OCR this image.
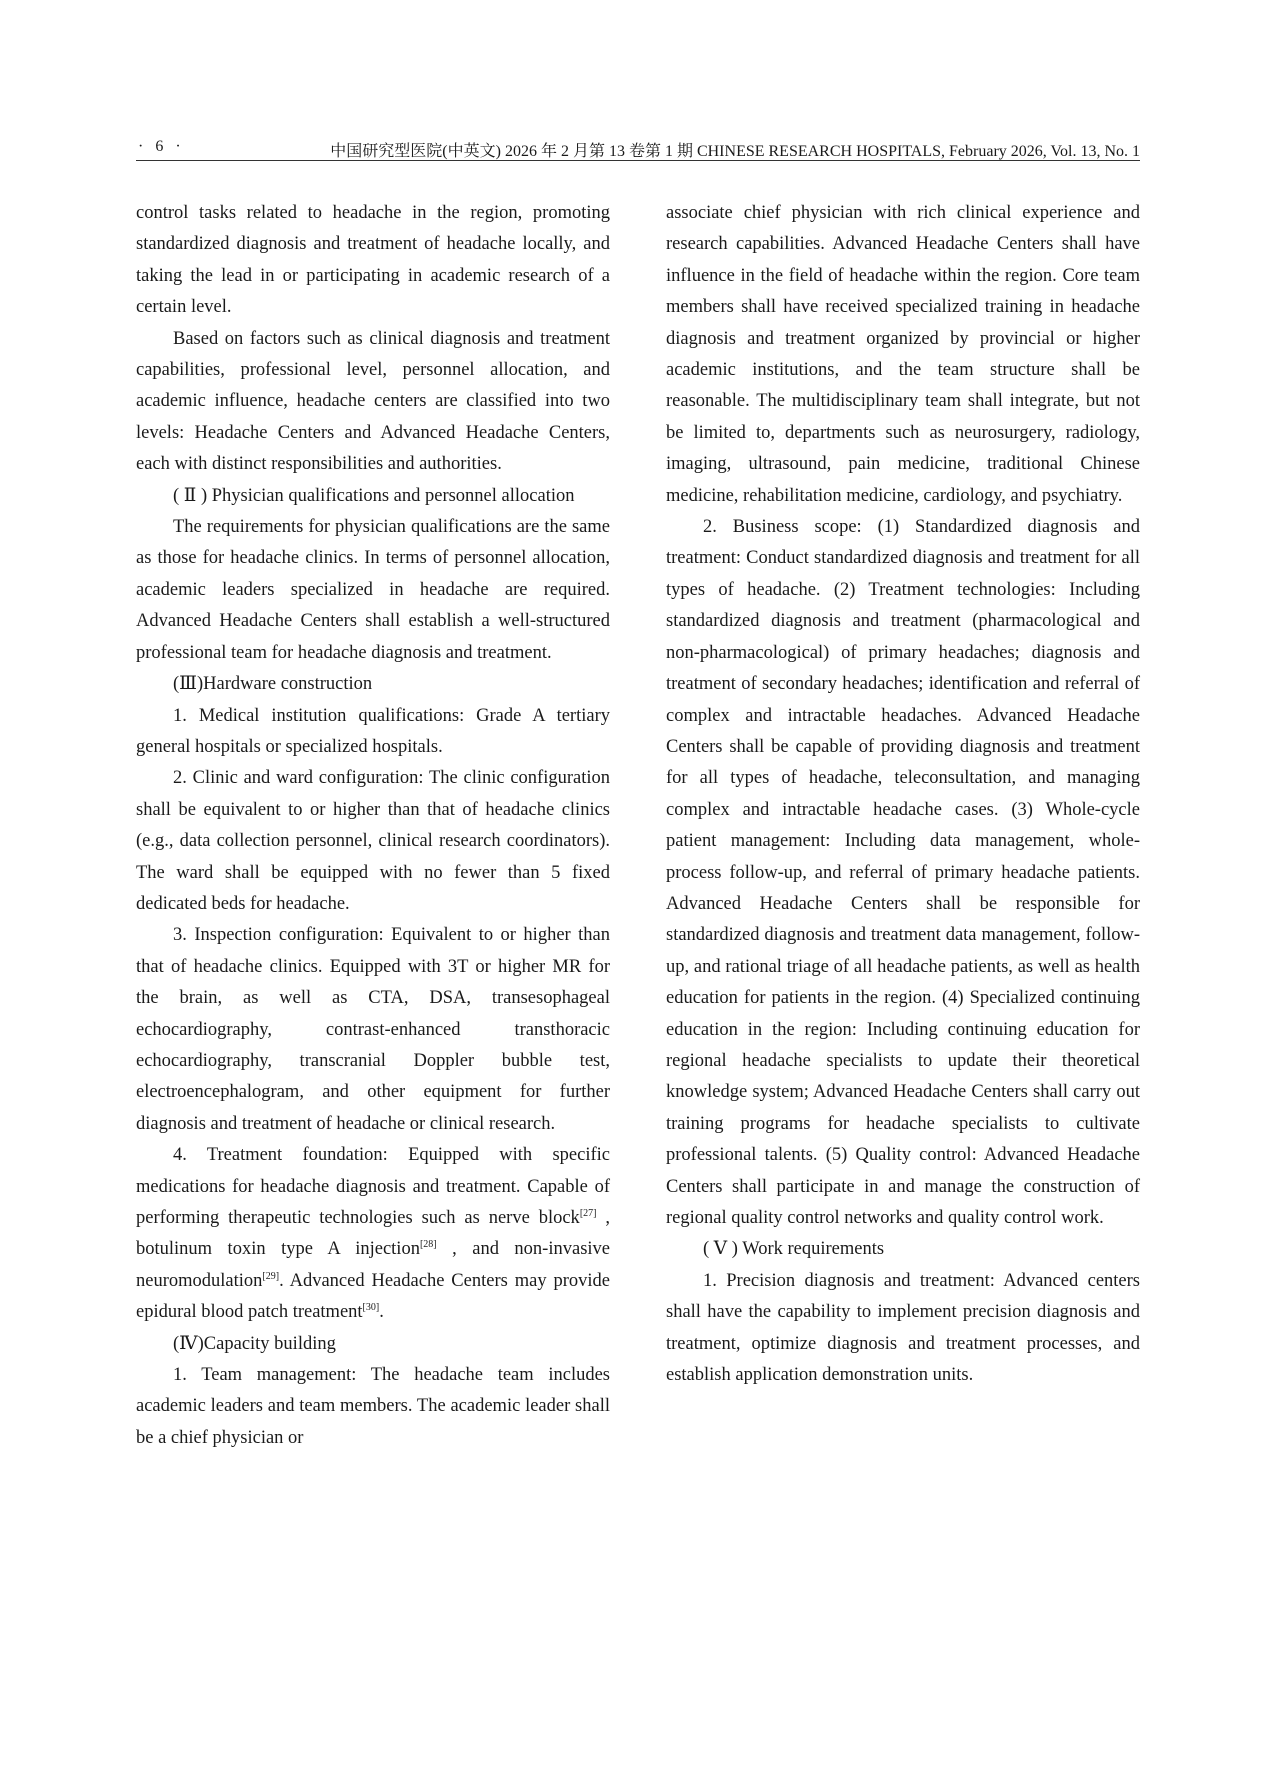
· 6 ·	中国研究型医院(中英文) 2026 年 2 月第 13 卷第 1 期 CHINESE RESEARCH HOSPITALS, February 2026, Vol. 13, No. 1

control tasks related to headache in the region, promoting standardized diagnosis and treatment of headache locally, and taking the lead in or participating in academic research of a certain level.

Based on factors such as clinical diagnosis and treatment capabilities, professional level, personnel allocation, and academic influence, headache centers are classified into two levels: Headache Centers and Advanced Headache Centers, each with distinct responsibilities and authorities.

( Ⅱ ) Physician qualifications and personnel allocation

The requirements for physician qualifications are the same as those for headache clinics. In terms of personnel allocation, academic leaders specialized in headache are required. Advanced Headache Centers shall establish a well-structured professional team for headache diagnosis and treatment.

(Ⅲ)Hardware construction

1. Medical institution qualifications: Grade A tertiary general hospitals or specialized hospitals.

2. Clinic and ward configuration: The clinic configuration shall be equivalent to or higher than that of headache clinics (e.g., data collection personnel, clinical research coordinators). The ward shall be equipped with no fewer than 5 fixed dedicated beds for headache.

3. Inspection configuration: Equivalent to or higher than that of headache clinics. Equipped with 3T or higher MR for the brain, as well as CTA, DSA, transesophageal echocardiography, contrast-enhanced transthoracic echocardiography, transcranial Doppler bubble test, electroencephalogram, and other equipment for further diagnosis and treatment of headache or clinical research.

4. Treatment foundation: Equipped with specific medications for headache diagnosis and treatment. Capable of performing therapeutic technologies such as nerve block[27] , botulinum toxin type A injection[28] , and non-invasive neuromodulation[29]. Advanced Headache Centers may provide epidural blood patch treatment[30].

(Ⅳ)Capacity building

1. Team management: The headache team includes academic leaders and team members. The academic leader shall be a chief physician or

associate chief physician with rich clinical experience and research capabilities. Advanced Headache Centers shall have influence in the field of headache within the region. Core team members shall have received specialized training in headache diagnosis and treatment organized by provincial or higher academic institutions, and the team structure shall be reasonable. The multidisciplinary team shall integrate, but not be limited to, departments such as neurosurgery, radiology, imaging, ultrasound, pain medicine, traditional Chinese medicine, rehabilitation medicine, cardiology, and psychiatry.

2. Business scope: (1) Standardized diagnosis and treatment: Conduct standardized diagnosis and treatment for all types of headache. (2) Treatment technologies: Including standardized diagnosis and treatment (pharmacological and non-pharmacological) of primary headaches; diagnosis and treatment of secondary headaches; identification and referral of complex and intractable headaches. Advanced Headache Centers shall be capable of providing diagnosis and treatment for all types of headache, teleconsultation, and managing complex and intractable headache cases. (3) Whole-cycle patient management: Including data management, whole-process follow-up, and referral of primary headache patients. Advanced Headache Centers shall be responsible for standardized diagnosis and treatment data management, follow-up, and rational triage of all headache patients, as well as health education for patients in the region. (4) Specialized continuing education in the region: Including continuing education for regional headache specialists to update their theoretical knowledge system; Advanced Headache Centers shall carry out training programs for headache specialists to cultivate professional talents. (5) Quality control: Advanced Headache Centers shall participate in and manage the construction of regional quality control networks and quality control work.

( Ⅴ ) Work requirements

1. Precision diagnosis and treatment: Advanced centers shall have the capability to implement precision diagnosis and treatment, optimize diagnosis and treatment processes, and establish application demonstration units.
